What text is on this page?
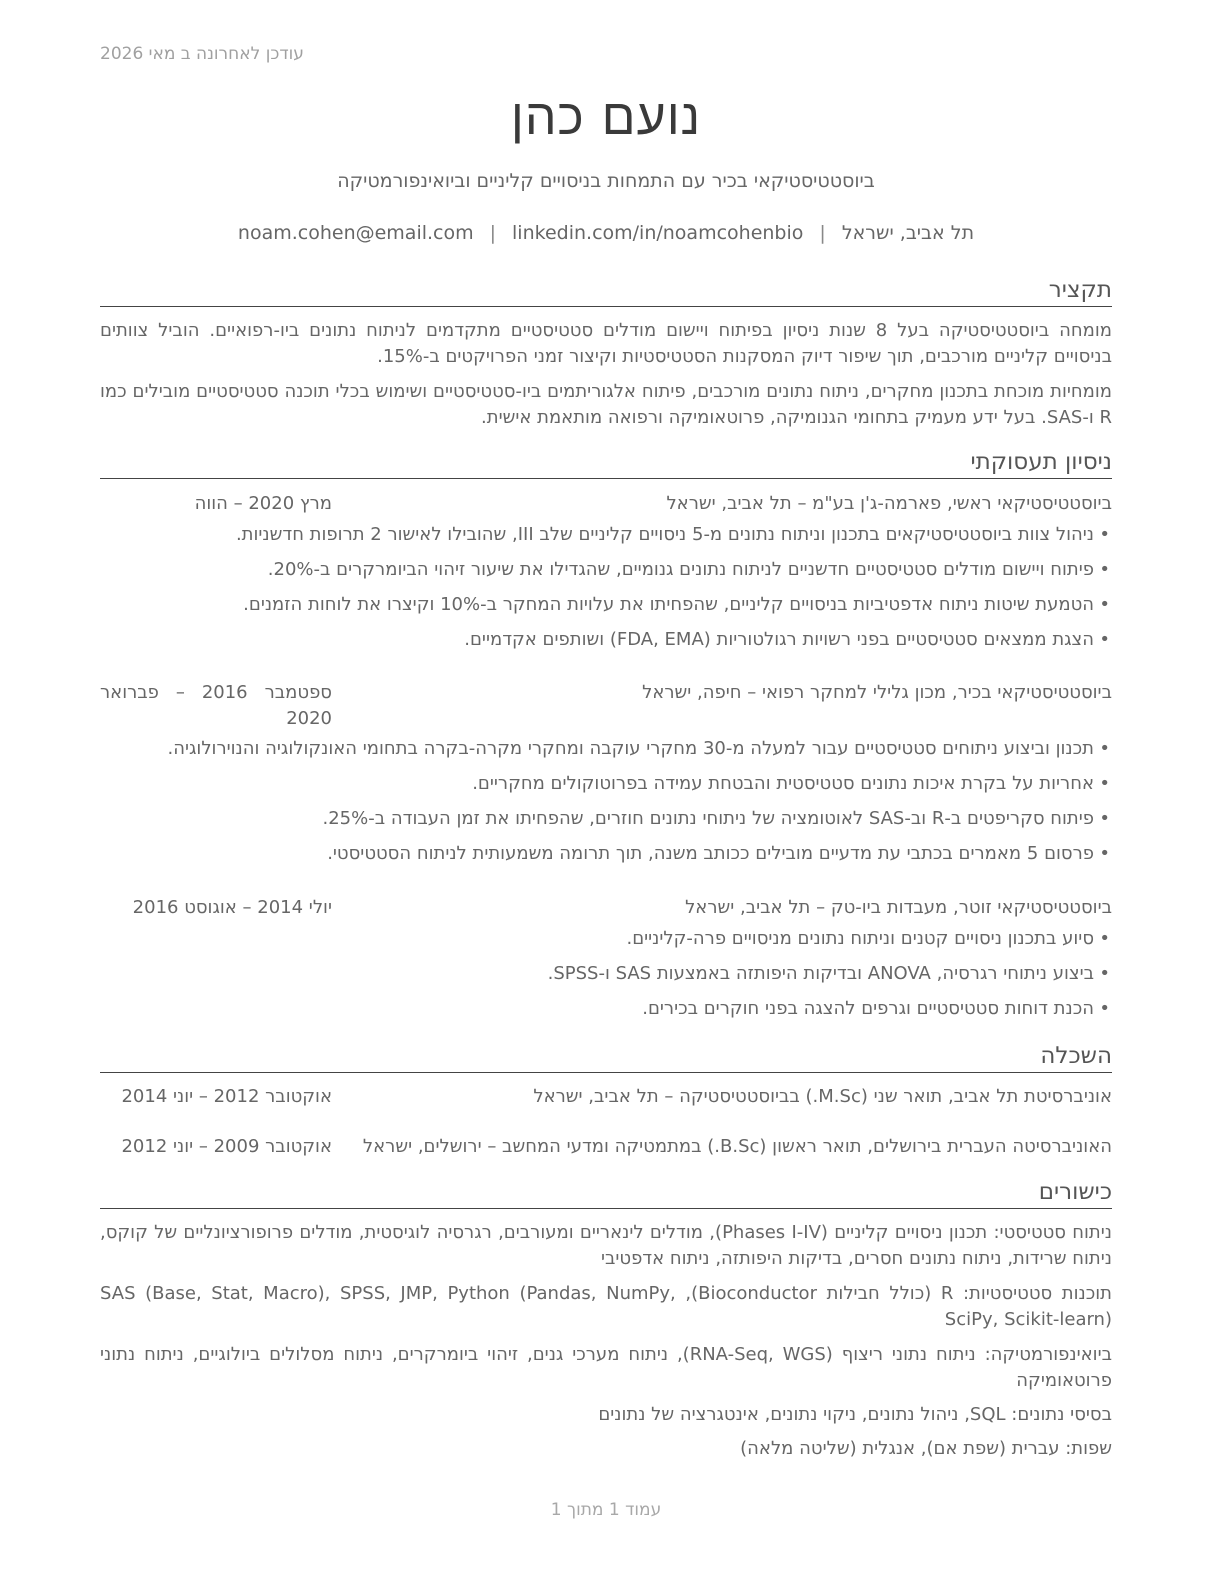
עודכן לאחרונה ב מאי 2026
נועם כהן
ביוסטטיסטיקאי בכיר עם התמחות בניסויים קליניים וביואינפורמטיקה
תל אביב, ישראל|noam.cohen@email.com | linkedin.com/in/noamcohenbio
תקציר
מומחה ביוסטטיסטיקה בעל 8 שנות ניסיון בפיתוח ויישום מודלים סטטיסטיים מתקדמים לניתוח נתונים ביו-רפואיים. הוביל צוותים בניסויים קליניים מורכבים, תוך שיפור דיוק המסקנות הסטטיסטיות וקיצור זמני הפרויקטים ב-15%.
מומחיות מוכחת בתכנון מחקרים, ניתוח נתונים מורכבים, פיתוח אלגוריתמים ביו-סטטיסטיים ושימוש בכלי תוכנה סטטיסטיים מובילים כמו R ו-SAS. בעל ידע מעמיק בתחומי הגנומיקה, פרוטאומיקה ורפואה מותאמת אישית.
ניסיון תעסוקתי
ביוסטטיסטיקאי ראשי, פארמה-ג'ן בע"מ – תל אביב, ישראל
מרץ 2020 – הווה
•
ניהול צוות ביוסטטיסטיקאים בתכנון וניתוח נתונים מ-5 ניסויים קליניים שלב III, שהובילו לאישור 2 תרופות חדשניות.
•
פיתוח ויישום מודלים סטטיסטיים חדשניים לניתוח נתונים גנומיים, שהגדילו את שיעור זיהוי הביומרקרים ב-20%.
•
הטמעת שיטות ניתוח אדפטיביות בניסויים קליניים, שהפחיתו את עלויות המחקר ב-10% וקיצרו את לוחות הזמנים.
•
הצגת ממצאים סטטיסטיים בפני רשויות רגולטוריות (FDA, EMA) ושותפים אקדמיים.
ביוסטטיסטיקאי בכיר, מכון גלילי למחקר רפואי – חיפה, ישראל
ספטמבר 2016 – פברואר 2020
•
תכנון וביצוע ניתוחים סטטיסטיים עבור למעלה מ-30 מחקרי עוקבה ומחקרי מקרה-בקרה בתחומי האונקולוגיה והנוירולוגיה.
•
אחריות על בקרת איכות נתונים סטטיסטית והבטחת עמידה בפרוטוקולים מחקריים.
•
פיתוח סקריפטים ב-R וב-SAS לאוטומציה של ניתוחי נתונים חוזרים, שהפחיתו את זמן העבודה ב-25%.
•
פרסום 5 מאמרים בכתבי עת מדעיים מובילים ככותב משנה, תוך תרומה משמעותית לניתוח הסטטיסטי.
ביוסטטיסטיקאי זוטר, מעבדות ביו-טק – תל אביב, ישראל
יולי 2014 – אוגוסט 2016
•
סיוע בתכנון ניסויים קטנים וניתוח נתונים מניסויים פרה-קליניים.
•
ביצוע ניתוחי רגרסיה, ANOVA ובדיקות היפותזה באמצעות SAS ו-SPSS.
•
הכנת דוחות סטטיסטיים וגרפים להצגה בפני חוקרים בכירים.
השכלה
אוניברסיטת תל אביב, תואר שני (M.Sc.) בביוסטטיסטיקה – תל אביב, ישראל
אוקטובר 2012 – יוני 2014
האוניברסיטה העברית בירושלים, תואר ראשון (B.Sc.) במתמטיקה ומדעי המחשב – ירושלים, ישראל
אוקטובר 2009 – יוני 2012
כישורים
ניתוח סטטיסטי: תכנון ניסויים קליניים (Phases I-IV), מודלים לינאריים ומעורבים, רגרסיה לוגיסטית, מודלים פרופורציונליים של קוקס, ניתוח שרידות, ניתוח נתונים חסרים, בדיקות היפותזה, ניתוח אדפטיבי
תוכנות סטטיסטיות: R (כולל חבילות Bioconductor), SAS (Base, Stat, Macro), SPSS, JMP, Python (Pandas, NumPy, SciPy, Scikit-learn)
ביואינפורמטיקה: ניתוח נתוני ריצוף (RNA-Seq, WGS), ניתוח מערכי גנים, זיהוי ביומרקרים, ניתוח מסלולים ביולוגיים, ניתוח נתוני פרוטאומיקה
בסיסי נתונים: SQL, ניהול נתונים, ניקוי נתונים, אינטגרציה של נתונים
שפות: עברית (שפת אם), אנגלית (שליטה מלאה)
עמוד 1 מתוך 1
